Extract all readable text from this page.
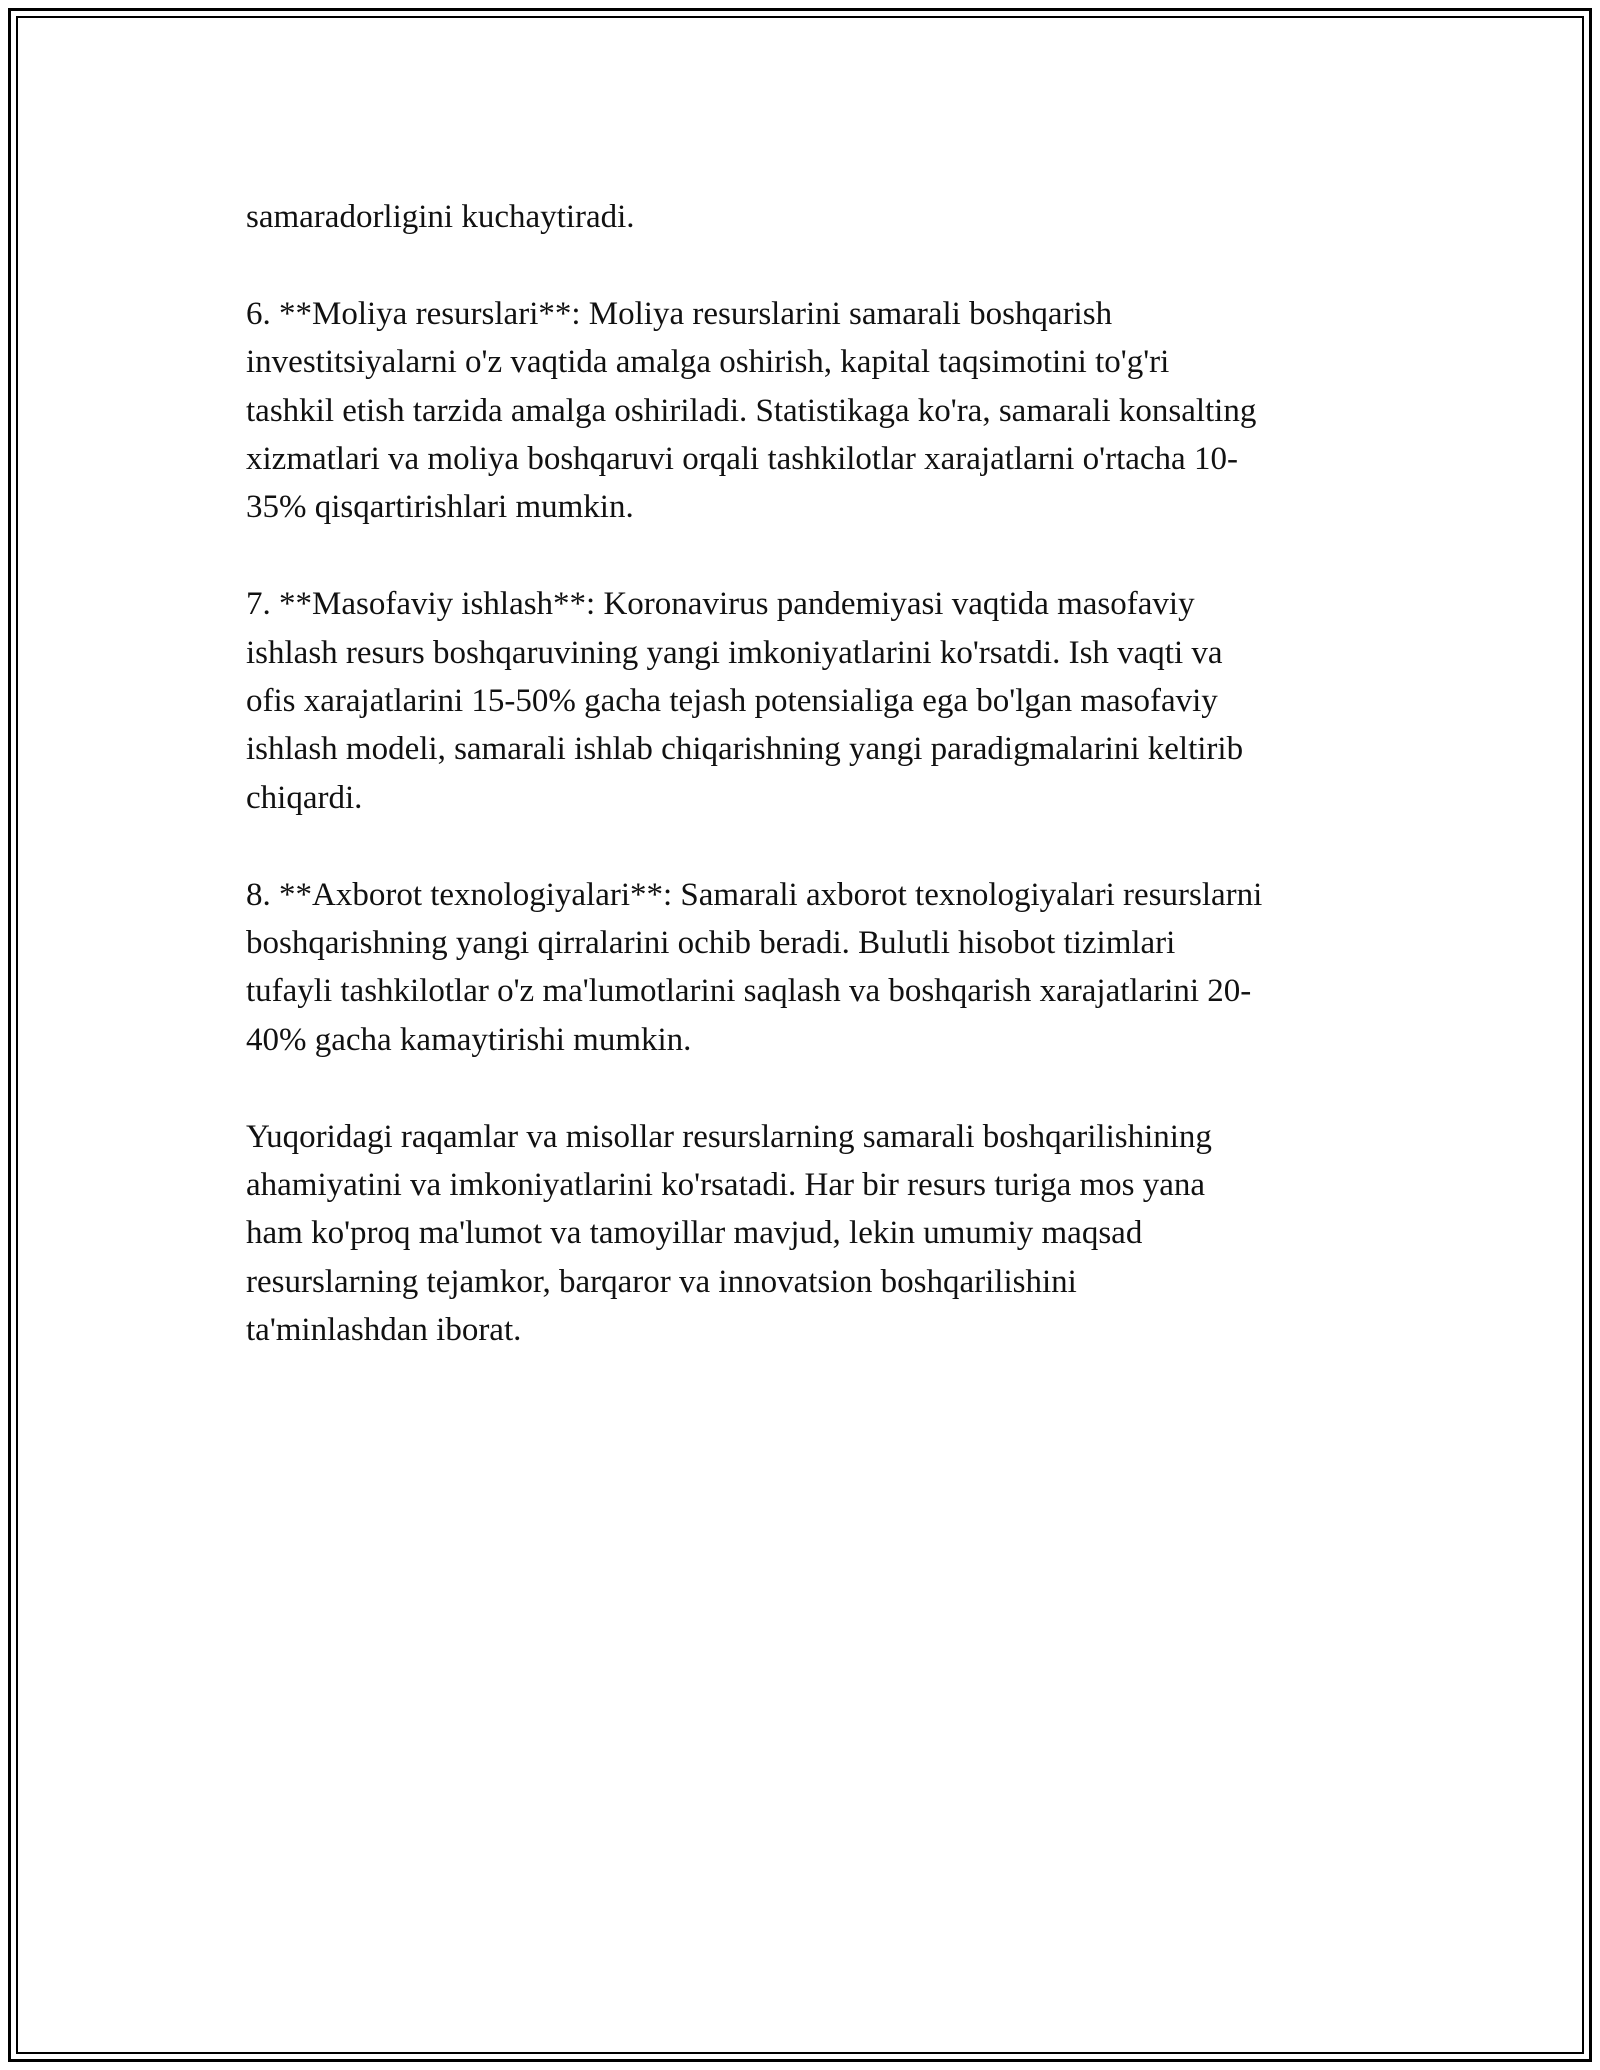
samaradorligini kuchaytiradi.

6. **Moliya resurslari**: Moliya resurslarini samarali boshqarish
investitsiyalarni o'z vaqtida amalga oshirish, kapital taqsimotini to'g'ri
tashkil etish tarzida amalga oshiriladi. Statistikaga ko'ra, samarali konsalting
xizmatlari va moliya boshqaruvi orqali tashkilotlar xarajatlarni o'rtacha 10-
35% qisqartirishlari mumkin.

7. **Masofaviy ishlash**: Koronavirus pandemiyasi vaqtida masofaviy
ishlash resurs boshqaruvining yangi imkoniyatlarini ko'rsatdi. Ish vaqti va
ofis xarajatlarini 15-50% gacha tejash potensialiga ega bo'lgan masofaviy
ishlash modeli, samarali ishlab chiqarishning yangi paradigmalarini keltirib
chiqardi.

8. **Axborot texnologiyalari**: Samarali axborot texnologiyalari resurslarni
boshqarishning yangi qirralarini ochib beradi. Bulutli hisobot tizimlari
tufayli tashkilotlar o'z ma'lumotlarini saqlash va boshqarish xarajatlarini 20-
40% gacha kamaytirishi mumkin.

Yuqoridagi raqamlar va misollar resurslarning samarali boshqarilishining
ahamiyatini va imkoniyatlarini ko'rsatadi. Har bir resurs turiga mos yana
ham ko'proq ma'lumot va tamoyillar mavjud, lekin umumiy maqsad
resurslarning tejamkor, barqaror va innovatsion boshqarilishini
ta'minlashdan iborat.
